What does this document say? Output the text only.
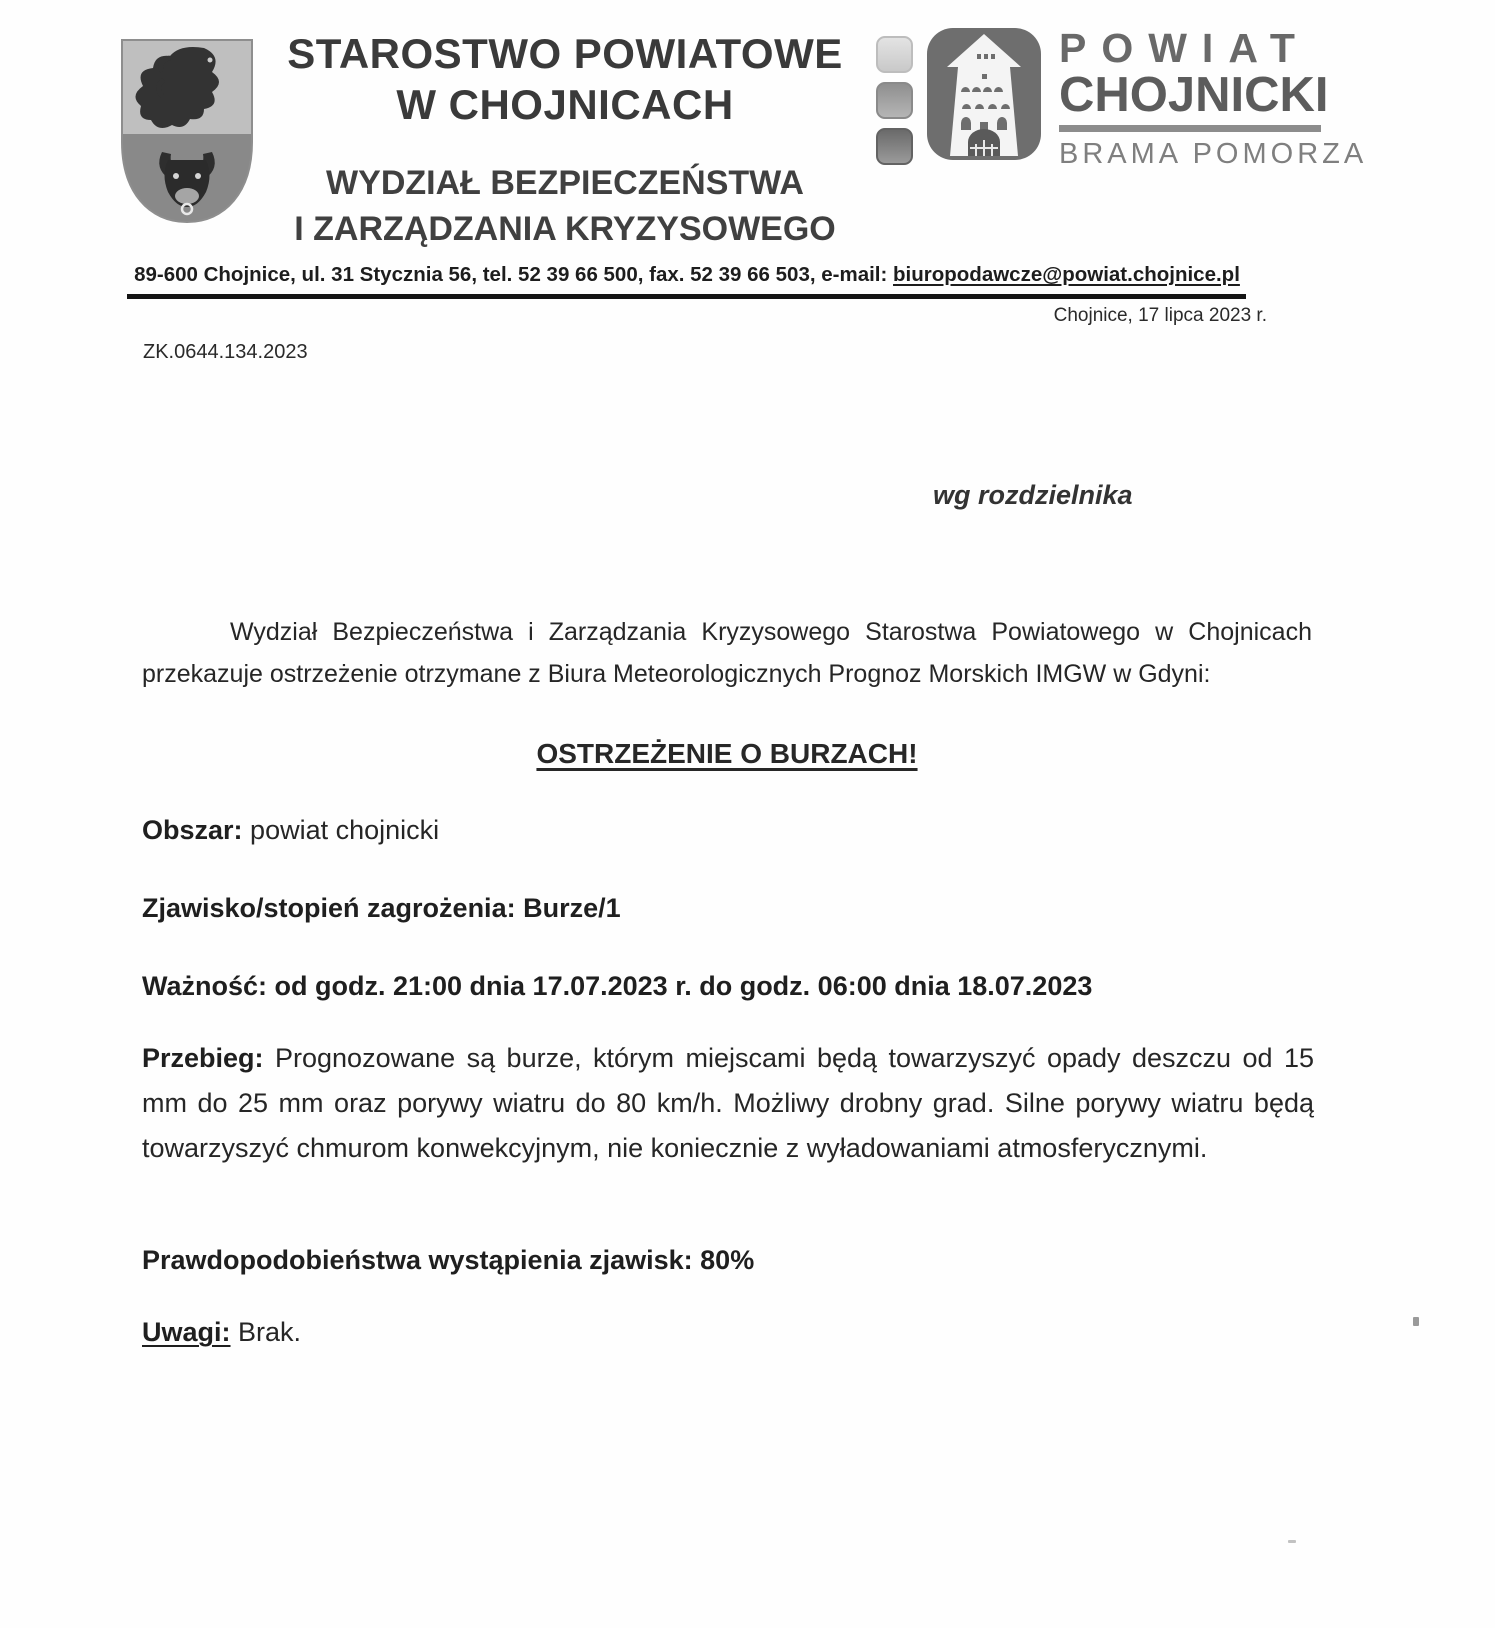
STAROSTWO POWIATOWE
W CHOJNICACH
WYDZIAŁ BEZPIECZEŃSTWA
I ZARZĄDZANIA KRYZYSOWEGO
POWIAT
CHOJNICKI
BRAMA POMORZA
89-600 Chojnice, ul. 31 Stycznia 56, tel. 52 39 66 500, fax. 52 39 66 503, e-mail: biuropodawcze@powiat.chojnice.pl
Chojnice, 17 lipca 2023 r.
ZK.0644.134.2023
wg rozdzielnika

Wydział Bezpieczeństwa i Zarządzania Kryzysowego Starostwa Powiatowego w Chojnicach przekazuje ostrzeżenie otrzymane z Biura Meteorologicznych Prognoz Morskich IMGW w Gdyni:

OSTRZEŻENIE O BURZACH!

Obszar: powiat chojnicki

Zjawisko/stopień zagrożenia: Burze/1

Ważność: od godz. 21:00 dnia 17.07.2023 r. do godz. 06:00 dnia 18.07.2023

Przebieg: Prognozowane są burze, którym miejscami będą towarzyszyć opady deszczu od 15 mm do 25 mm oraz porywy wiatru do 80 km/h. Możliwy drobny grad. Silne porywy wiatru będą towarzyszyć chmurom konwekcyjnym, nie koniecznie z wyładowaniami atmosferycznymi.

Prawdopodobieństwa wystąpienia zjawisk: 80%

Uwagi: Brak.
